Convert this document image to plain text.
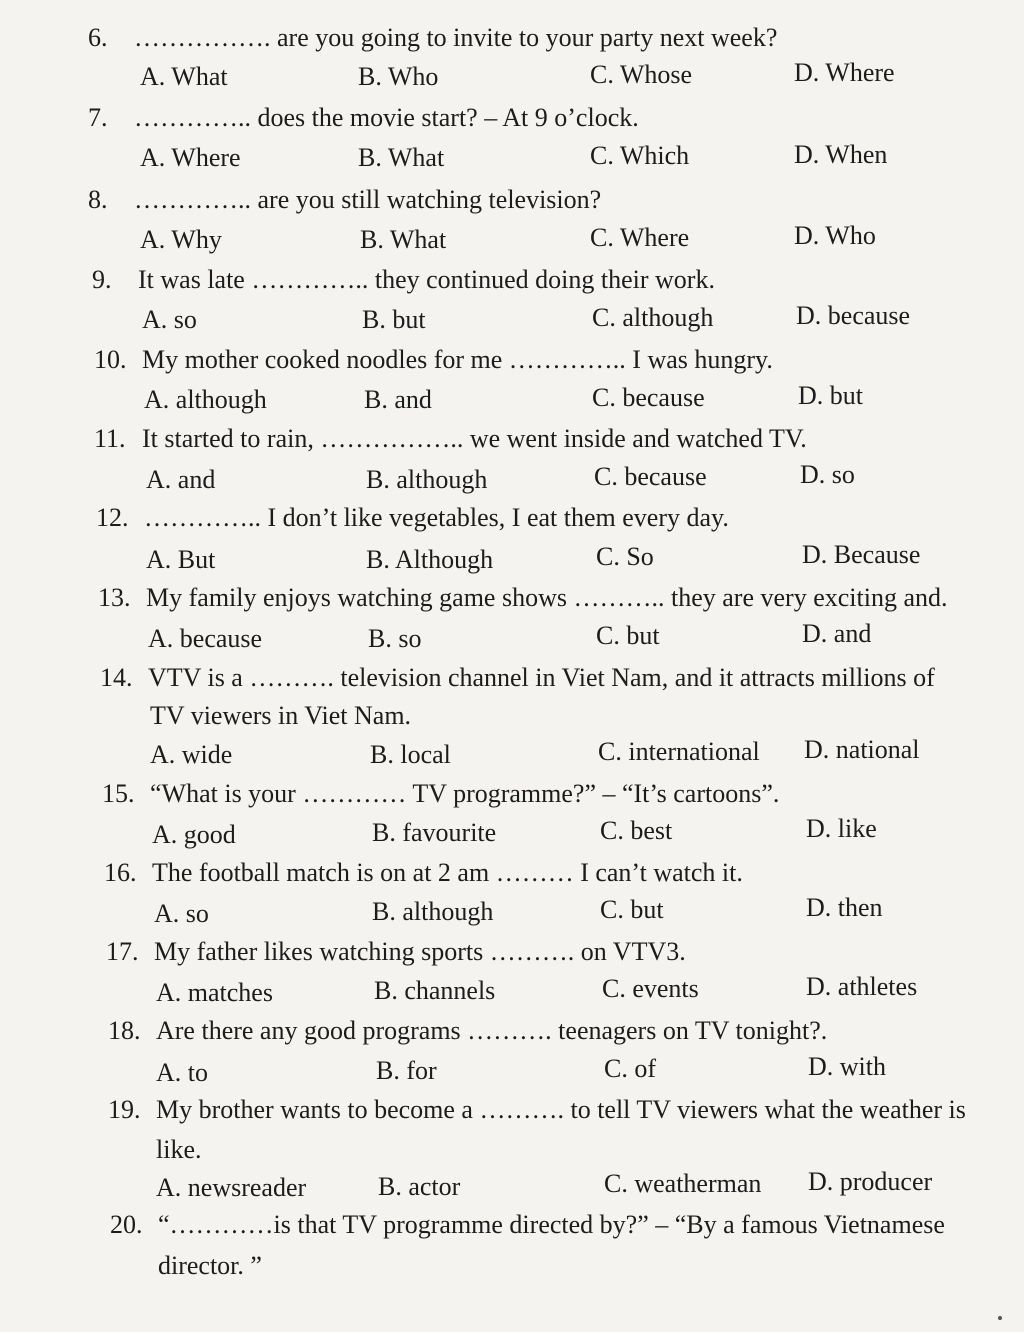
6. ……………. are you going to invite to your party next week?
A. What	B. Who	C. Whose	D. Where
7. ………….. does the movie start? – At 9 o’clock.
A. Where	B. What	C. Which	D. When
8. ………….. are you still watching television?
A. Why	B. What	C. Where	D. Who
9. It was late ………….. they continued doing their work.
A. so	B. but	C. although	D. because
10. My mother cooked noodles for me ………….. I was hungry.
A. although	B. and	C. because	D. but
11. It started to rain, …………….. we went inside and watched TV.
A. and	B. although	C. because	D. so
12. ………….. I don’t like vegetables, I eat them every day.
A. But	B. Although	C. So	D. Because
13. My family enjoys watching game shows ……….. they are very exciting and.
A. because	B. so	C. but	D. and
14. VTV is a ………. television channel in Viet Nam, and it attracts millions of
TV viewers in Viet Nam.
A. wide	B. local	C. international D. national
15. “What is your ………… TV programme?” – “It’s cartoons”.
A. good	B. favourite	C. best	D. like
16. The football match is on at 2 am ……… I can’t watch it.
A. so	B. although	C. but	D. then
17. My father likes watching sports ………. on VTV3.
A. matches	B. channels	C. events	D. athletes
18. Are there any good programs ………. teenagers on TV tonight?.
A. to	B. for	C. of	D. with
19. My brother wants to become a ………. to tell TV viewers what the weather is
like.
A. newsreader	B. actor	C. weatherman D. producer
20. “…………is that TV programme directed by?” – “By a famous Vietnamese
director. ”
